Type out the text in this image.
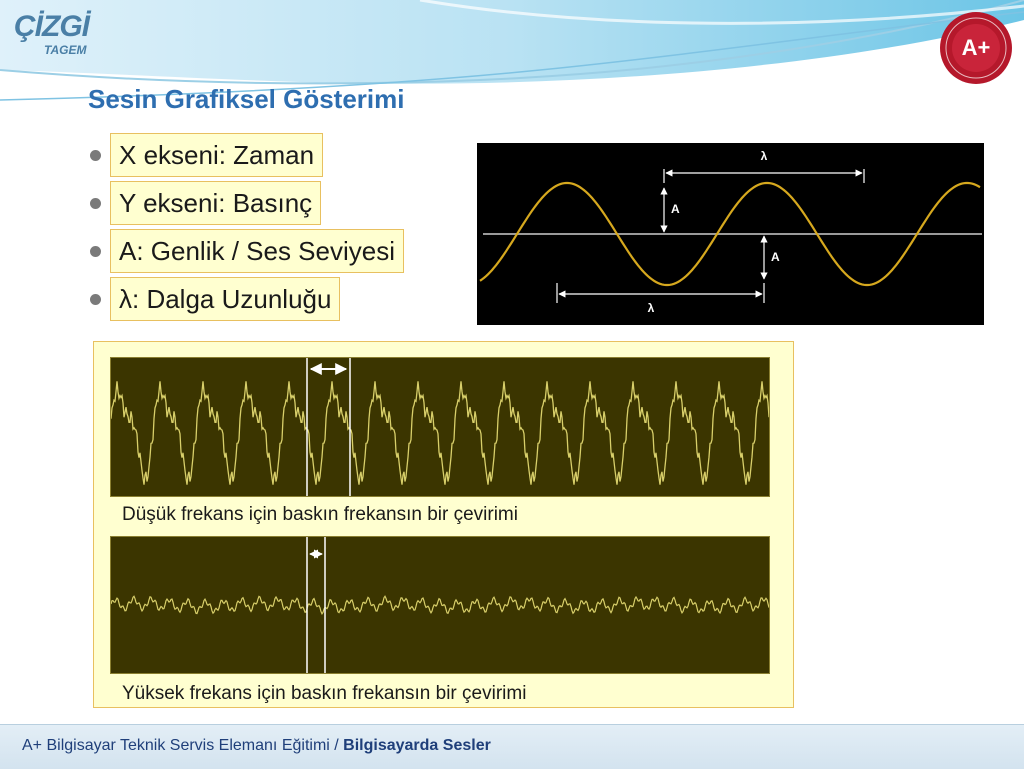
ÇİZGİ
TAGEM	A+
Sesin Grafiksel Gösterimi
X ekseni: Zaman
Y ekseni: Basınç
A: Genlik / Ses Seviyesi
λ: Dalga Uzunluğu
λ
A
A
λ
Düşük frekans için baskın frekansın bir çevirimi
Yüksek frekans için baskın frekansın bir çevirimi
A+ Bilgisayar Teknik Servis Elemanı Eğitimi / Bilgisayarda Sesler
